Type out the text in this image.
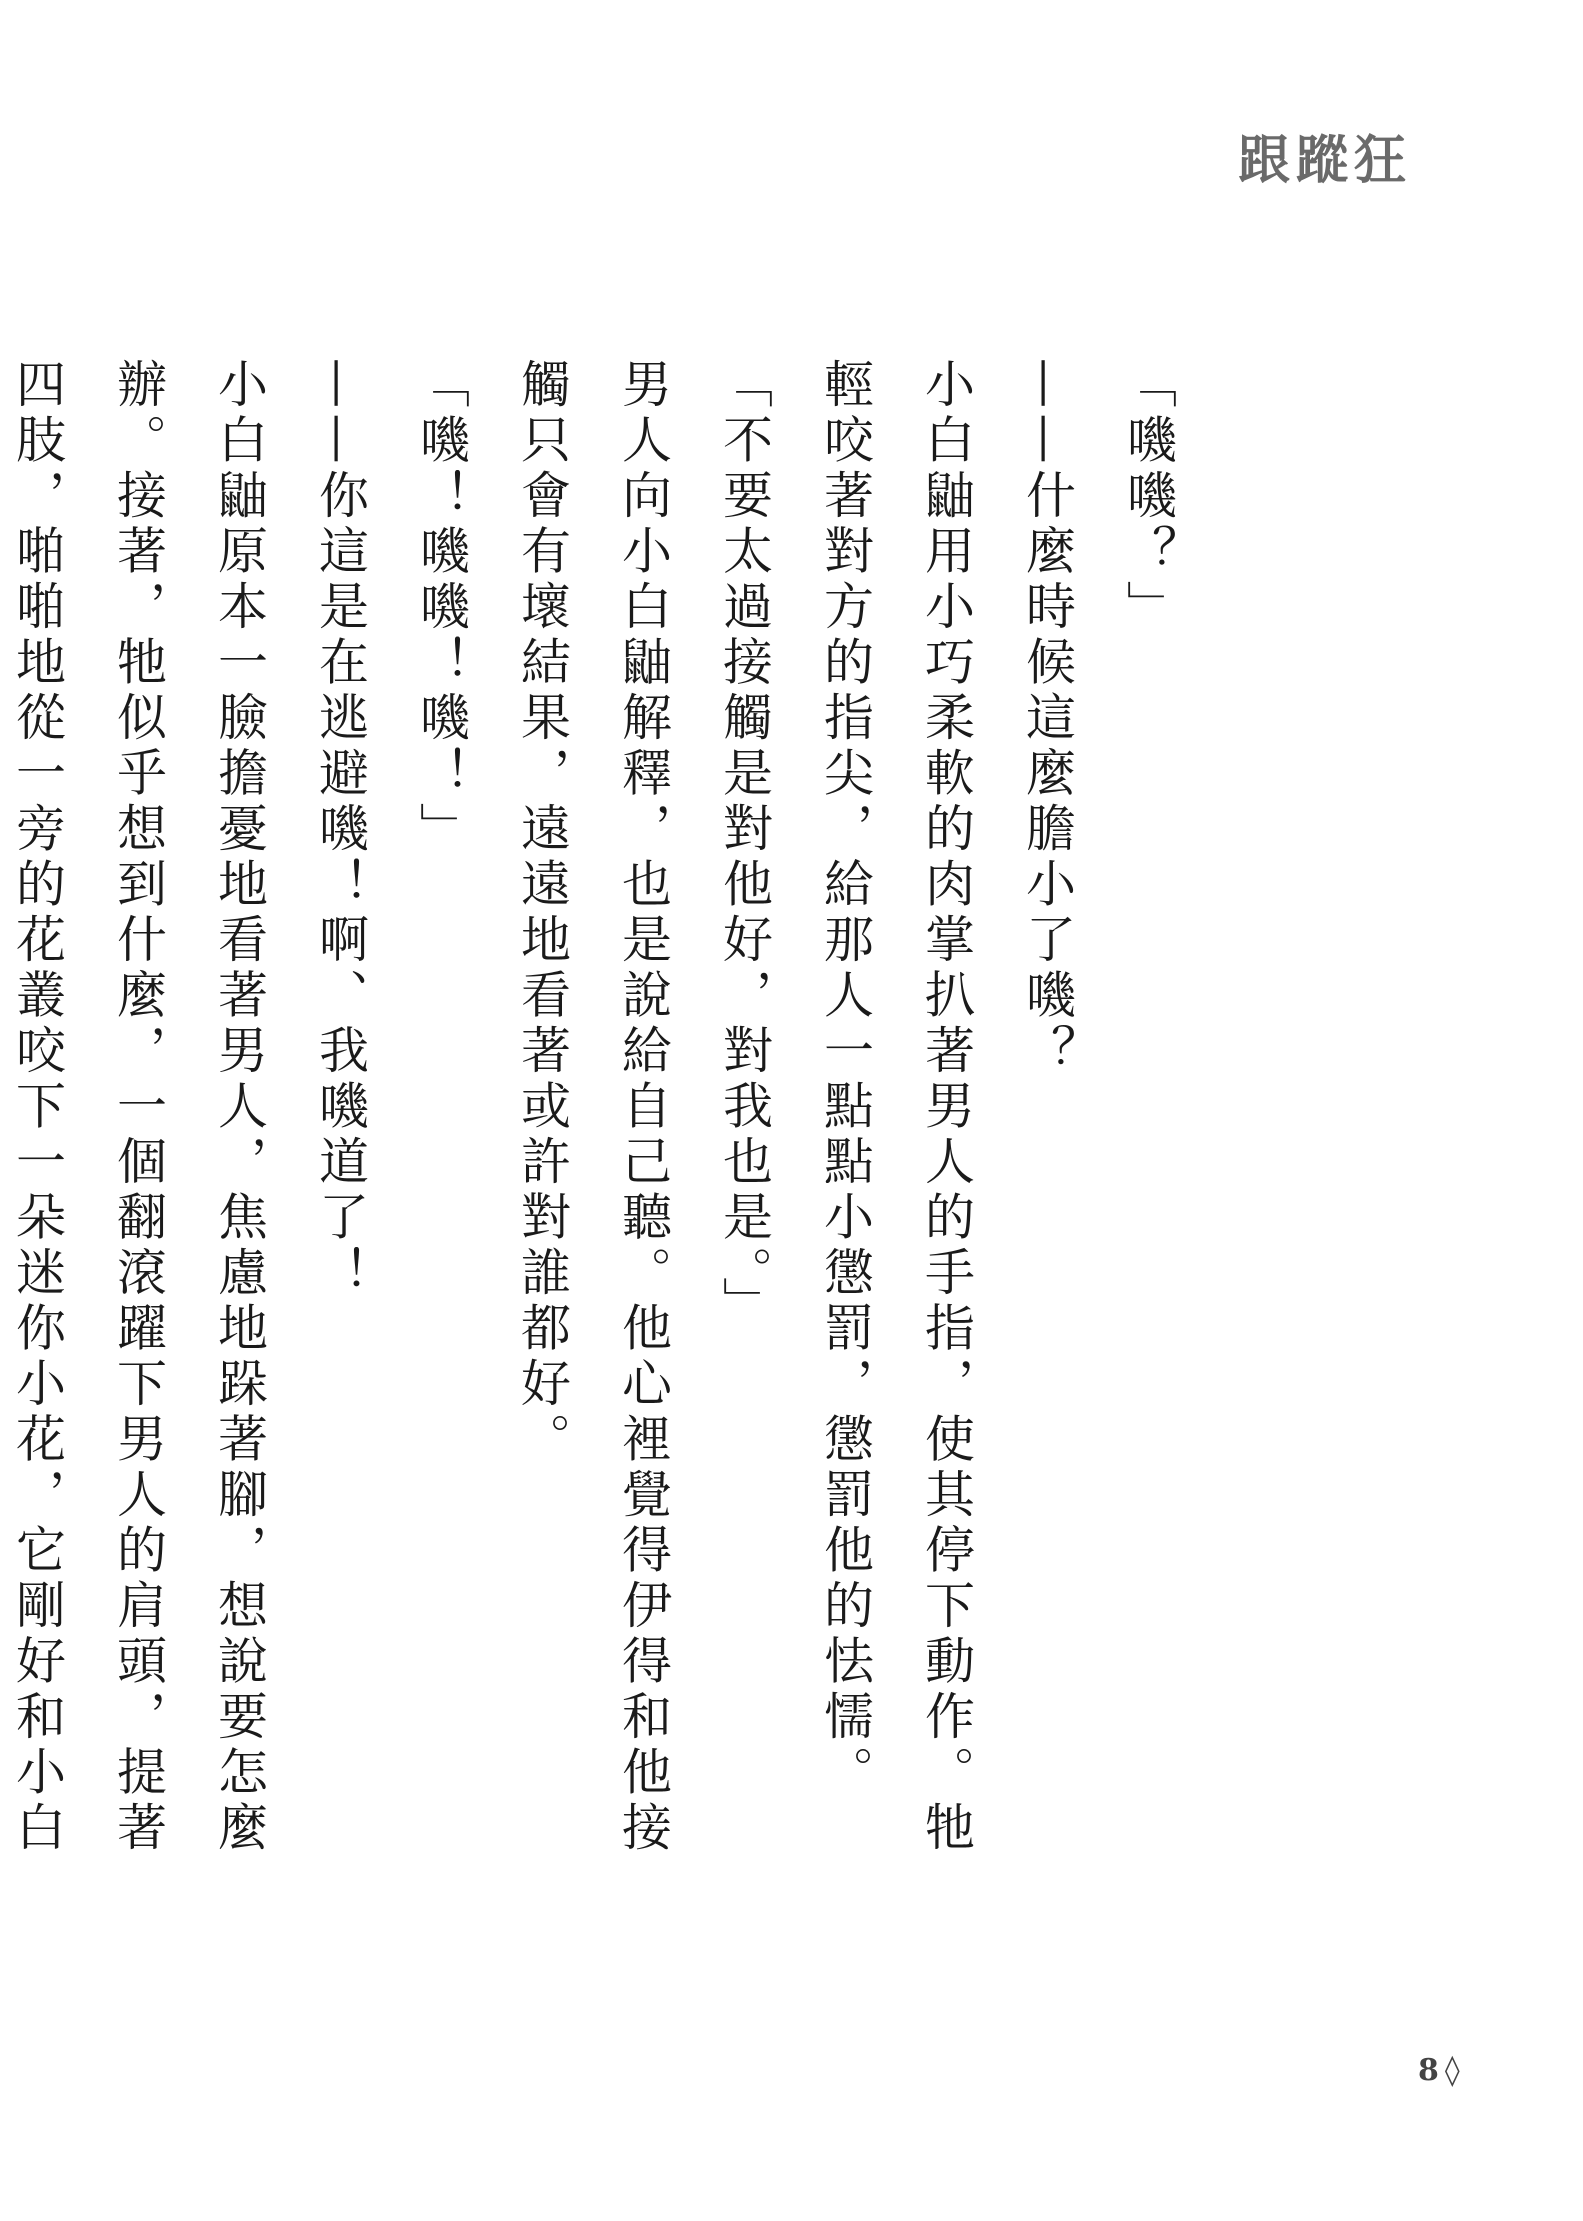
跟蹤狂

「嘰嘰？」

——什麼時候這麼膽小了嘰？

小白鼬用小巧柔軟的肉掌扒著男人的手指，使其停下動作。牠輕咬著對方的指尖，給那人一點點小懲罰，懲罰他的怯懦。

「不要太過接觸是對他好，對我也是。」

男人向小白鼬解釋，也是說給自己聽。他心裡覺得伊得和他接觸只會有壞結果，遠遠地看著或許對誰都好。

「嘰！嘰嘰！嘰！」

——你這是在逃避嘰！啊、我嘰道了！

小白鼬原本一臉擔憂地看著男人，焦慮地跺著腳，想說要怎麼辦。接著，牠似乎想到什麼，一個翻滾躍下男人的肩頭，提著四肢，啪啪地從一旁的花叢咬下一朵迷你小花，它剛好和小白

8 ◊
